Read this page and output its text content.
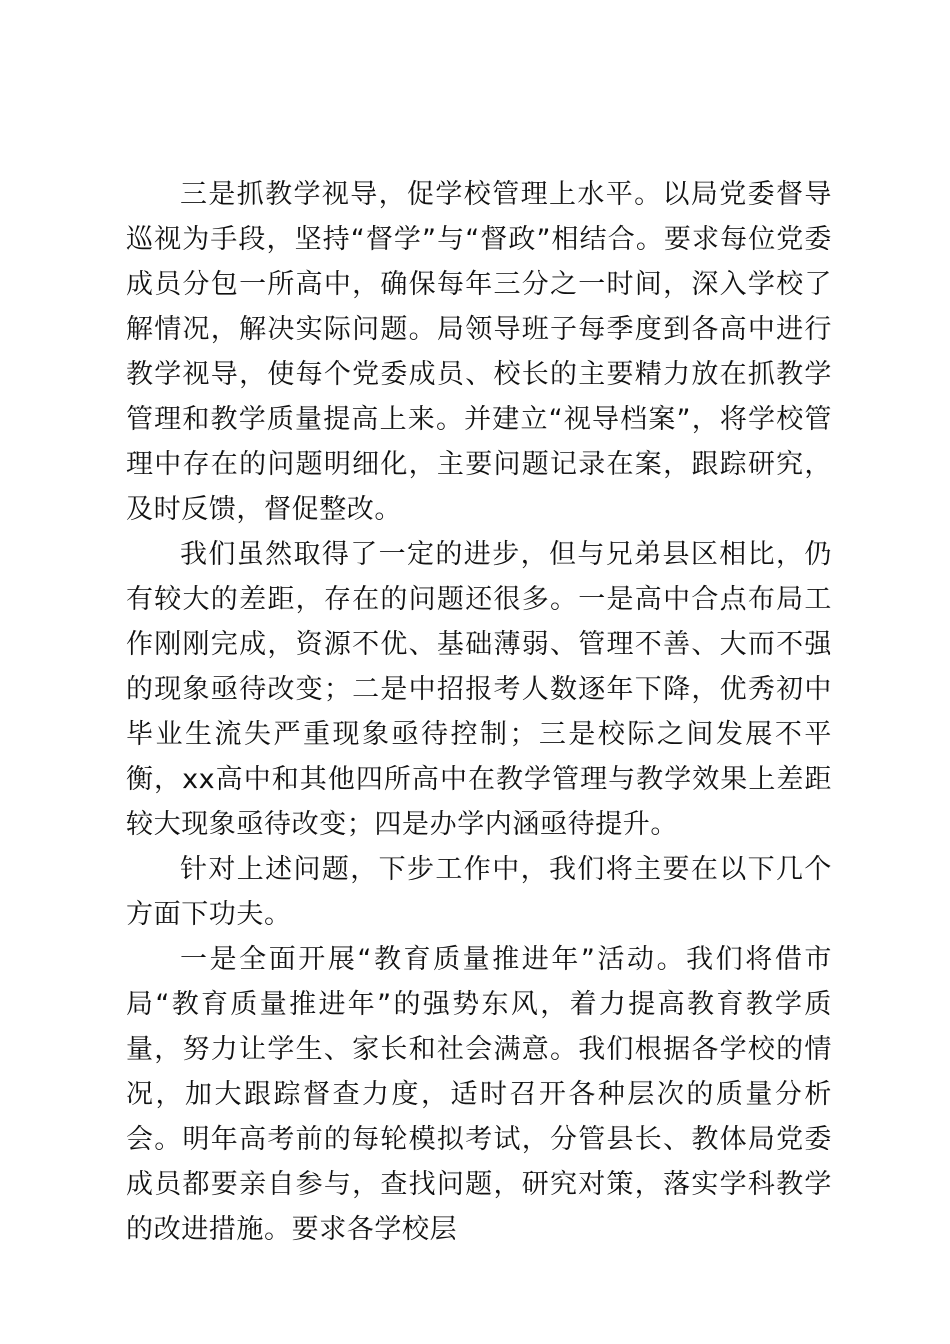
三是抓教学视导，促学校管理上水平。以局党委督导巡视为手段，坚持“督学”与“督政”相结合。要求每位党委成员分包一所高中，确保每年三分之一时间，深入学校了解情况，解决实际问题。局领导班子每季度到各高中进行教学视导，使每个党委成员、校长的主要精力放在抓教学管理和教学质量提高上来。并建立“视导档案”，将学校管理中存在的问题明细化，主要问题记录在案，跟踪研究，及时反馈，督促整改。

我们虽然取得了一定的进步，但与兄弟县区相比，仍有较大的差距，存在的问题还很多。一是高中合点布局工作刚刚完成，资源不优、基础薄弱、管理不善、大而不强的现象亟待改变；二是中招报考人数逐年下降，优秀初中毕业生流失严重现象亟待控制；三是校际之间发展不平衡，xx高中和其他四所高中在教学管理与教学效果上差距较大现象亟待改变；四是办学内涵亟待提升。

针对上述问题，下步工作中，我们将主要在以下几个方面下功夫。

一是全面开展“教育质量推进年”活动。我们将借市局“教育质量推进年”的强势东风，着力提高教育教学质量，努力让学生、家长和社会满意。我们根据各学校的情况，加大跟踪督查力度，适时召开各种层次的质量分析会。明年高考前的每轮模拟考试，分管县长、教体局党委成员都要亲自参与，查找问题，研究对策，落实学科教学的改进措施。要求各学校层
